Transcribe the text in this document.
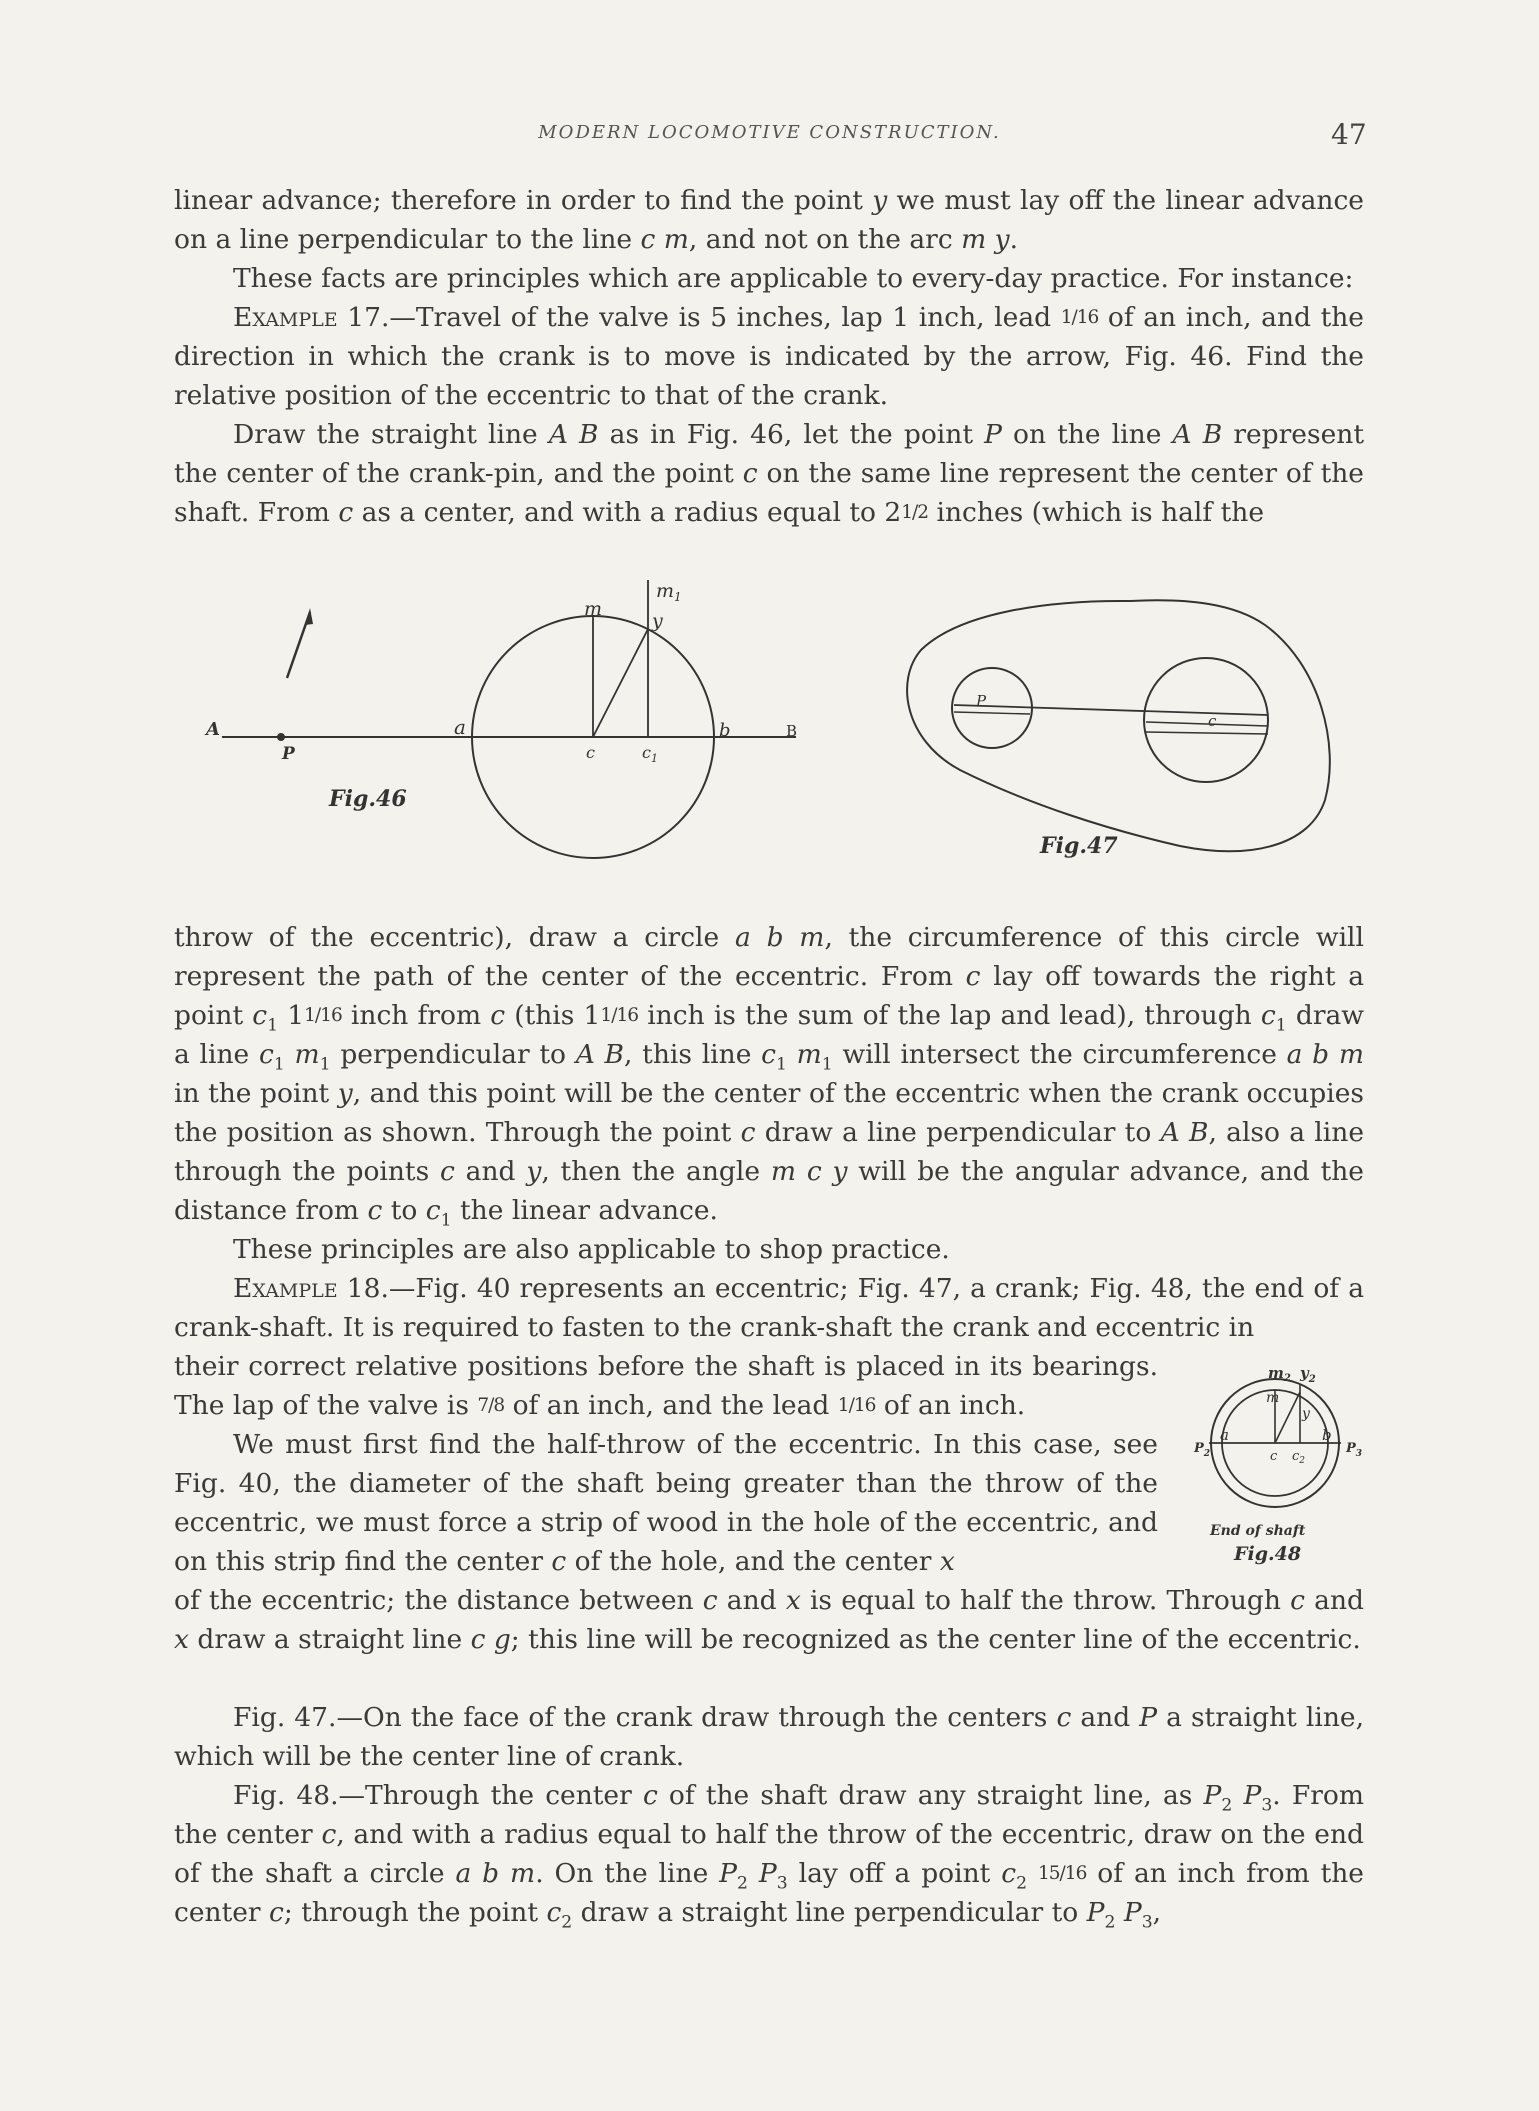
MODERN LOCOMOTIVE CONSTRUCTION.	47

linear advance; therefore in order to find the point y we must lay off the linear advance on a line perpendicular to the line c m, and not on the arc m y.

These facts are principles which are applicable to every-day practice. For instance:

Example 17.—Travel of the valve is 5 inches, lap 1 inch, lead 1/16 of an inch, and the direction in which the crank is to move is indicated by the arrow, Fig. 46. Find the relative position of the eccentric to that of the crank.

Draw the straight line A B as in Fig. 46, let the point P on the line A B represent the center of the crank-pin, and the point c on the same line represent the center of the shaft. From c as a center, and with a radius equal to 21/2 inches (which is half the

A
P
a
c	$c_1$
b	B
m
$m_1$
y
Fig.46
P
c
Fig.47

throw of the eccentric), draw a circle a b m, the circumference of this circle will represent the path of the center of the eccentric. From c lay off towards the right a point $c_1$ 11/16 inch from c (this 11/16 inch is the sum of the lap and lead), through $c_1$ draw a line $c_1$ $m_1$ perpendicular to A B, this line $c_1$ $m_1$ will intersect the circumference a b m in the point y, and this point will be the center of the eccentric when the crank occupies the position as shown. Through the point c draw a line perpendicular to A B, also a line through the points c and y, then the angle m c y will be the angular advance, and the distance from c to $c_1$ the linear advance.

These principles are also applicable to shop practice.

Example 18.—Fig. 40 represents an eccentric; Fig. 47, a crank; Fig. 48, the end of a crank-shaft. It is required to fasten to the crank-shaft the crank and eccentric in

their correct relative positions before the shaft is placed in its bearings. The lap of the valve is 7/8 of an inch, and the lead 1/16 of an inch.

We must first find the half-throw of the eccentric. In this case, see Fig. 40, the diameter of the shaft being greater than the throw of the eccentric, we must force a strip of wood in the hole of the eccentric, and on this strip find the center c of the hole, and the center x

of the eccentric; the distance between c and x is equal to half the throw. Through c and x draw a straight line c g; this line will be recognized as the center line of the eccentric.

$m_2$ $y_2$
m
y
a	b
c $c_2$
$P_2$	$P_3$
End of shaft
Fig.48

Fig. 47.—On the face of the crank draw through the centers c and P a straight line, which will be the center line of crank.

Fig. 48.—Through the center c of the shaft draw any straight line, as $P_2$ $P_3$. From the center c, and with a radius equal to half the throw of the eccentric, draw on the end of the shaft a circle a b m. On the line $P_2$ $P_3$ lay off a point $c_2$ 15/16 of an inch from the center c; through the point $c_2$ draw a straight line perpendicular to $P_2$ $P_3$,
